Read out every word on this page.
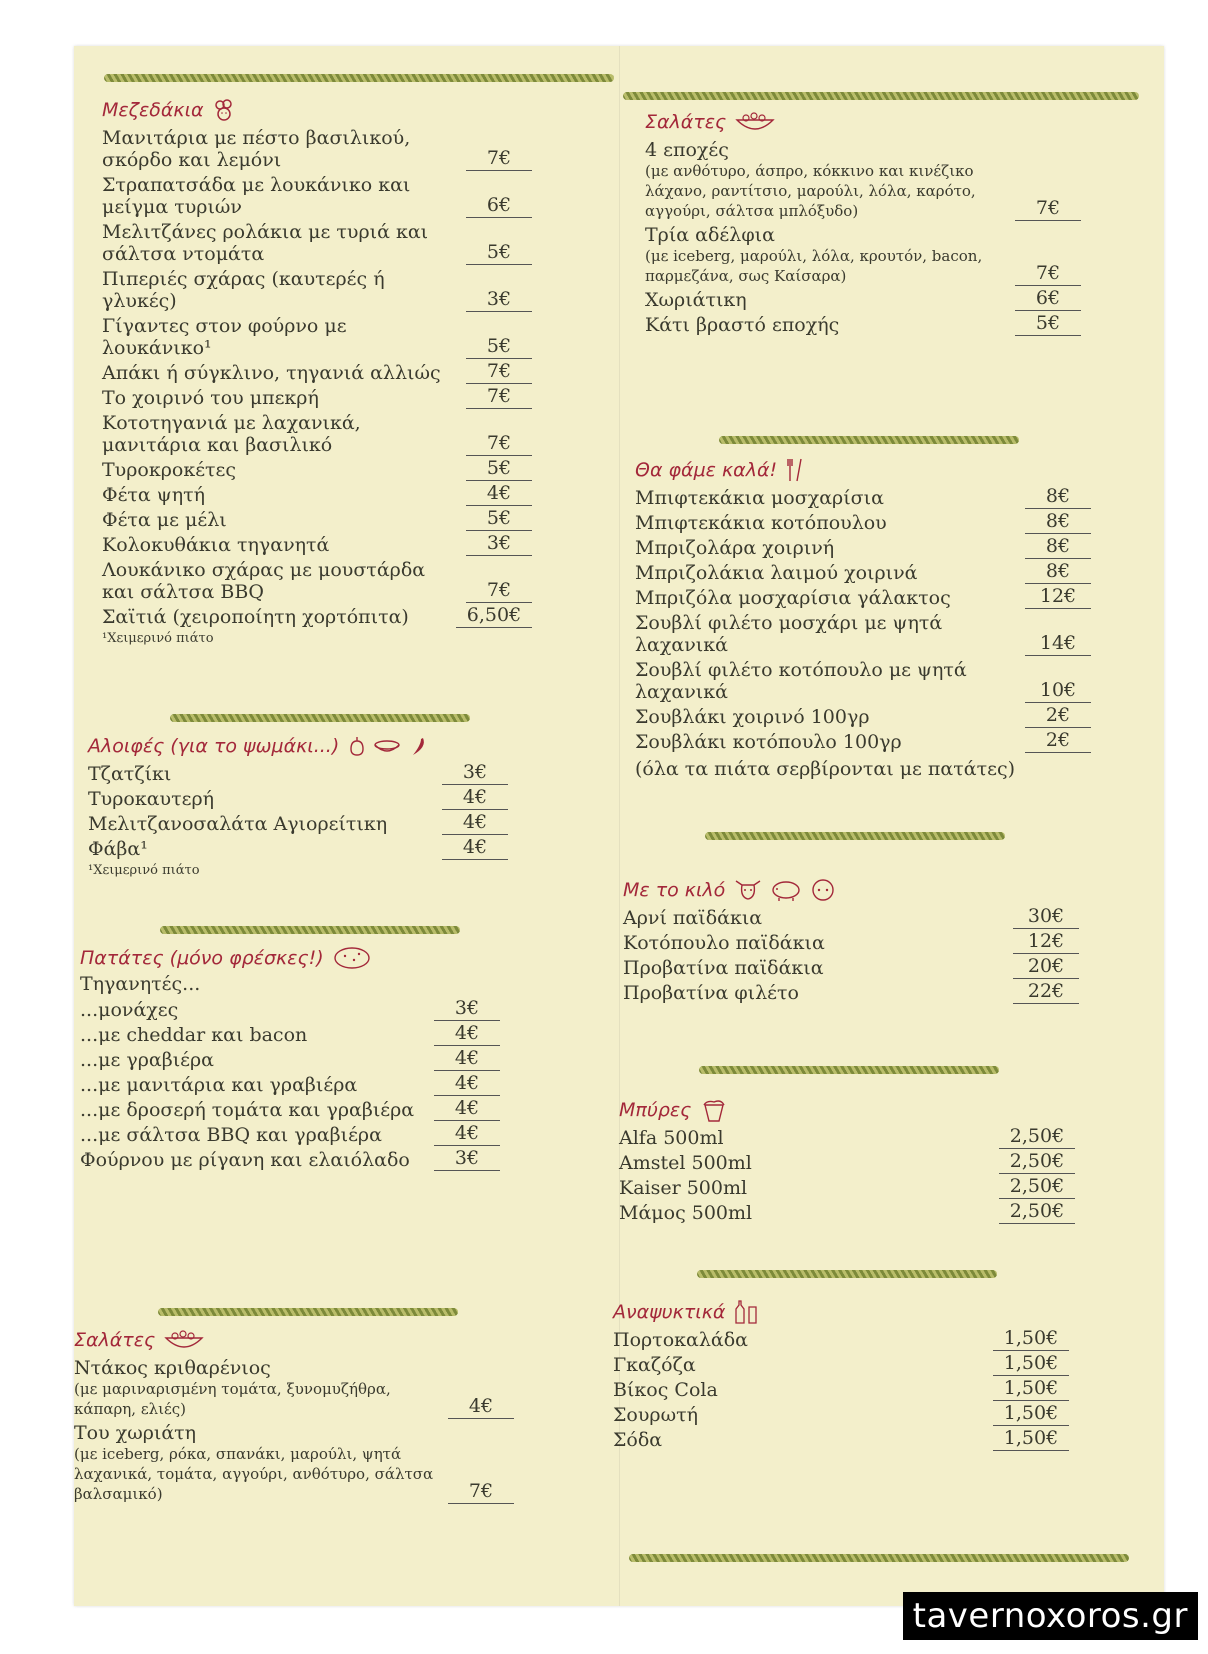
Μεζεδάκια
Μανιτάρια με πέστο βασιλικού, σκόρδο και λεμόνι	7€
Στραπατσάδα με λουκάνικο και μείγμα τυριών	6€
Μελιτζάνες ρολάκια με τυριά και σάλτσα ντομάτα	5€
Πιπεριές σχάρας (καυτερές ή γλυκές)	3€
Γίγαντες στον φούρνο με λουκάνικο¹	5€
Απάκι ή σύγκλινο, τηγανιά αλλιώς	7€
Το χοιρινό του μπεκρή	7€
Κοτοτηγανιά με λαχανικά, μανιτάρια και βασιλικό	7€
Τυροκροκέτες	5€
Φέτα ψητή	4€
Φέτα με μέλι	5€
Κολοκυθάκια τηγανητά	3€
Λουκάνικο σχάρας με μουστάρδα και σάλτσα BBQ	7€
Σαϊτιά (χειροποίητη χορτόπιτα)	6,50€
¹Χειμερινό πιάτο
Αλοιφές (για το ψωμάκι...)
Τζατζίκι	3€
Τυροκαυτερή	4€
Μελιτζανοσαλάτα Αγιορείτικη	4€
Φάβα¹	4€
¹Χειμερινό πιάτο
Πατάτες (μόνο φρέσκες!)
Τηγανητές...
...μονάχες	3€
...με cheddar και bacon	4€
...με γραβιέρα	4€
...με μανιτάρια και γραβιέρα	4€
...με δροσερή τομάτα και γραβιέρα	4€
...με σάλτσα BBQ και γραβιέρα	4€
Φούρνου με ρίγανη και ελαιόλαδο	3€
Σαλάτες
Ντάκος κριθαρένιος
(με μαριναρισμένη τομάτα, ξυνομυζήθρα, κάπαρη, ελιές)	4€
Του χωριάτη
(με iceberg, ρόκα, σπανάκι, μαρούλι, ψητά λαχανικά, τομάτα, αγγούρι, ανθότυρο, σάλτσα βαλσαμικό)	7€
Σαλάτες
4 εποχές
(με ανθότυρο, άσπρο, κόκκινο και κινέζικο λάχανο, ραντίτσιο, μαρούλι, λόλα, καρότο, αγγούρι, σάλτσα μπλόξυδο)	7€
Τρία αδέλφια
(με iceberg, μαρούλι, λόλα, κρουτόν, bacon, παρμεζάνα, σως Καίσαρα)	7€
Χωριάτικη	6€
Κάτι βραστό εποχής	5€
Θα φάμε καλά!
Μπιφτεκάκια μοσχαρίσια	8€
Μπιφτεκάκια κοτόπουλου	8€
Μπριζολάρα χοιρινή	8€
Μπριζολάκια λαιμού χοιρινά	8€
Μπριζόλα μοσχαρίσια γάλακτος	12€
Σουβλί φιλέτο μοσχάρι με ψητά λαχανικά	14€
Σουβλί φιλέτο κοτόπουλο με ψητά λαχανικά	10€
Σουβλάκι χοιρινό 100γρ	2€
Σουβλάκι κοτόπουλο 100γρ	2€
(όλα τα πιάτα σερβίρονται με πατάτες)
Με το κιλό
Αρνί παϊδάκια	30€
Κοτόπουλο παϊδάκια	12€
Προβατίνα παϊδάκια	20€
Προβατίνα φιλέτο	22€
Μπύρες
Alfa 500ml	2,50€
Amstel 500ml	2,50€
Kaiser 500ml	2,50€
Μάμος 500ml	2,50€
Αναψυκτικά
Πορτοκαλάδα	1,50€
Γκαζόζα	1,50€
Βίκος Cola	1,50€
Σουρωτή	1,50€
Σόδα	1,50€
tavernoxoros.gr
